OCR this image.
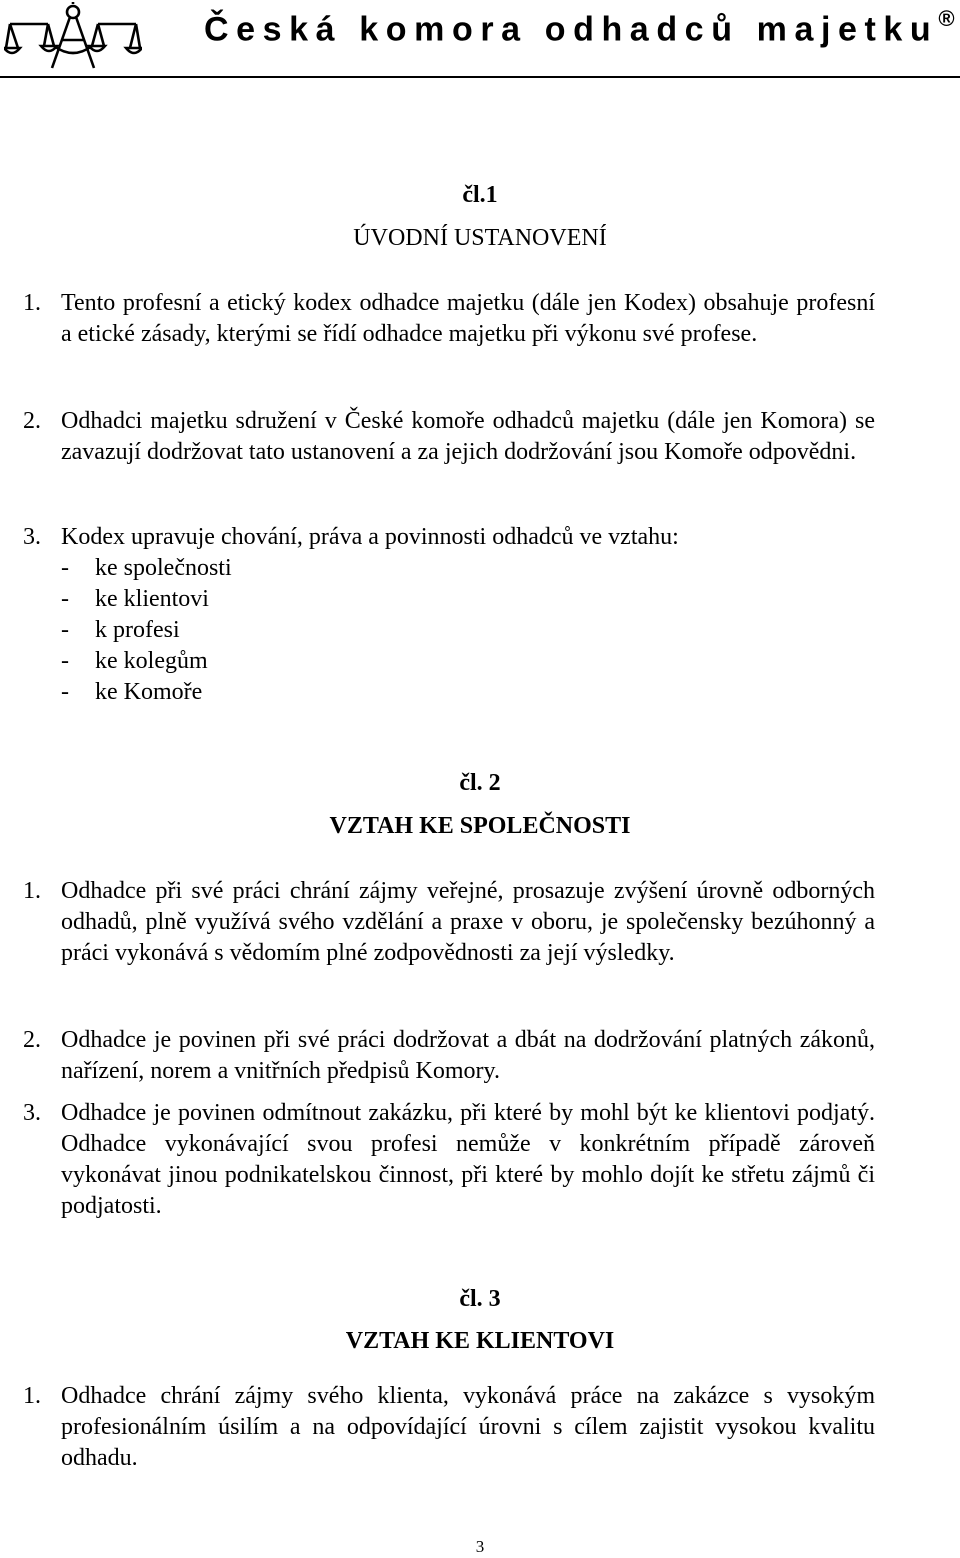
Česká komora odhadců majetku®
čl.1
ÚVODNÍ USTANOVENÍ
1. Tento profesní a etický kodex odhadce majetku (dále jen Kodex) obsahuje profesní a etické zásady, kterými se řídí odhadce majetku při výkonu své profese.
2. Odhadci majetku sdružení v České komoře odhadců majetku (dále jen Komora) se zavazují dodržovat tato ustanovení a za jejich dodržování jsou Komoře odpovědni.
3. Kodex upravuje chování, práva a povinnosti odhadců ve vztahu:
- ke společnosti
- ke klientovi
- k profesi
- ke kolegům
- ke Komoře
čl. 2
VZTAH KE SPOLEČNOSTI
1. Odhadce při své práci chrání zájmy veřejné, prosazuje zvýšení úrovně odborných odhadů, plně využívá svého vzdělání a praxe v oboru, je společensky bezúhonný a práci vykonává s vědomím plné zodpovědnosti za její výsledky.
2. Odhadce je povinen při své práci dodržovat a dbát na dodržování platných zákonů, nařízení, norem a vnitřních předpisů Komory.
3. Odhadce je povinen odmítnout zakázku, při které by mohl být ke klientovi podjatý. Odhadce vykonávající svou profesi nemůže v konkrétním případě zároveň vykonávat jinou podnikatelskou činnost, při které by mohlo dojít ke střetu zájmů či podjatosti.
čl. 3
VZTAH KE KLIENTOVI
1. Odhadce chrání zájmy svého klienta, vykonává práce na zakázce s vysokým profesionálním úsilím a na odpovídající úrovni s cílem zajistit vysokou kvalitu odhadu.
3
